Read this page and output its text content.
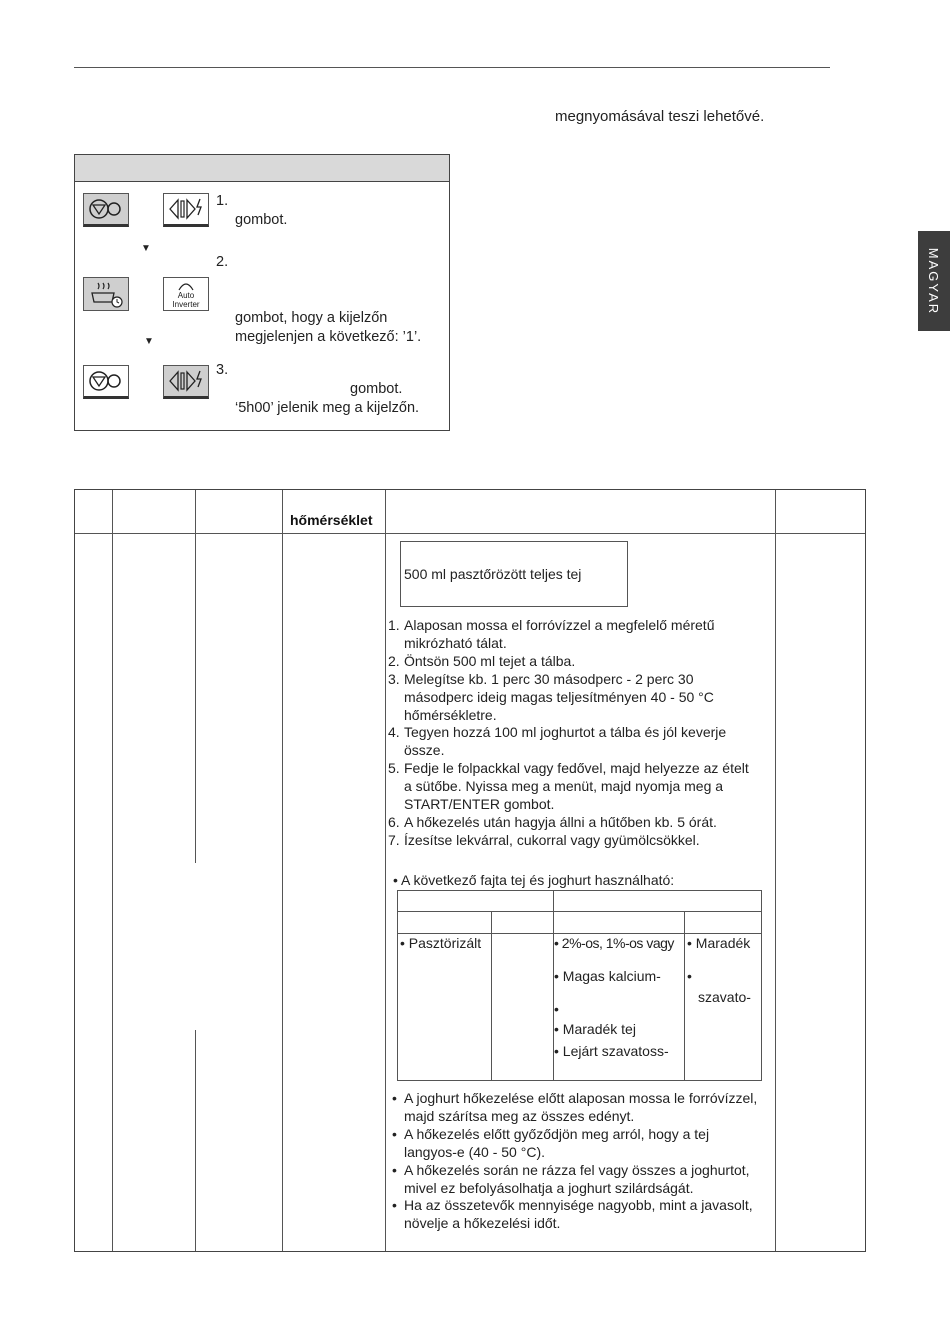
megnyomásával teszi lehetővé.
MAGYAR
1.
gombot.
▼
2.
Auto
Inverter
gombot, hogy a kijelzőn
megjelenjen a következő: ’1’.
▼
3.
gombot.
‘5h00’ jelenik meg a kijelzőn.
hőmérséklet
500 ml pasztőrözött teljes tej
1. Alaposan mossa el forróvízzel a megfelelő méretű
mikrózható tálat.
2. Öntsön 500 ml tejet a tálba.
3. Melegítse kb. 1 perc 30 másodperc - 2 perc 30
másodperc ideig magas teljesítményen 40 - 50 °C
hőmérsékletre.
4. Tegyen hozzá 100 ml joghurtot a tálba és jól keverje
össze.
5. Fedje le folpackkal vagy fedővel, majd helyezze az ételt
a sütőbe. Nyissa meg a menüt, majd nyomja meg a
START/ENTER gombot.
6. A hőkezelés után hagyja állni a hűtőben kb. 5 órát.
7. Ízesítse lekvárral, cukorral vagy gyümölcsökkel.
• A következő fajta tej és joghurt használható:
• Pasztörizált	• 2%-os, 1%-os vagy
• Magas kalcium-
•
• Maradék tej
• Lejárt szavatoss-
• Maradék
•
szavato-
• A joghurt hőkezelése előtt alaposan mossa le forróvízzel,
majd szárítsa meg az összes edényt.
• A hőkezelés előtt győződjön meg arról, hogy a tej
langyos-e (40 - 50 °C).
• A hőkezelés során ne rázza fel vagy összes a joghurtot,
mivel ez befolyásolhatja a joghurt szilárdságát.
• Ha az összetevők mennyisége nagyobb, mint a javasolt,
növelje a hőkezelési időt.
